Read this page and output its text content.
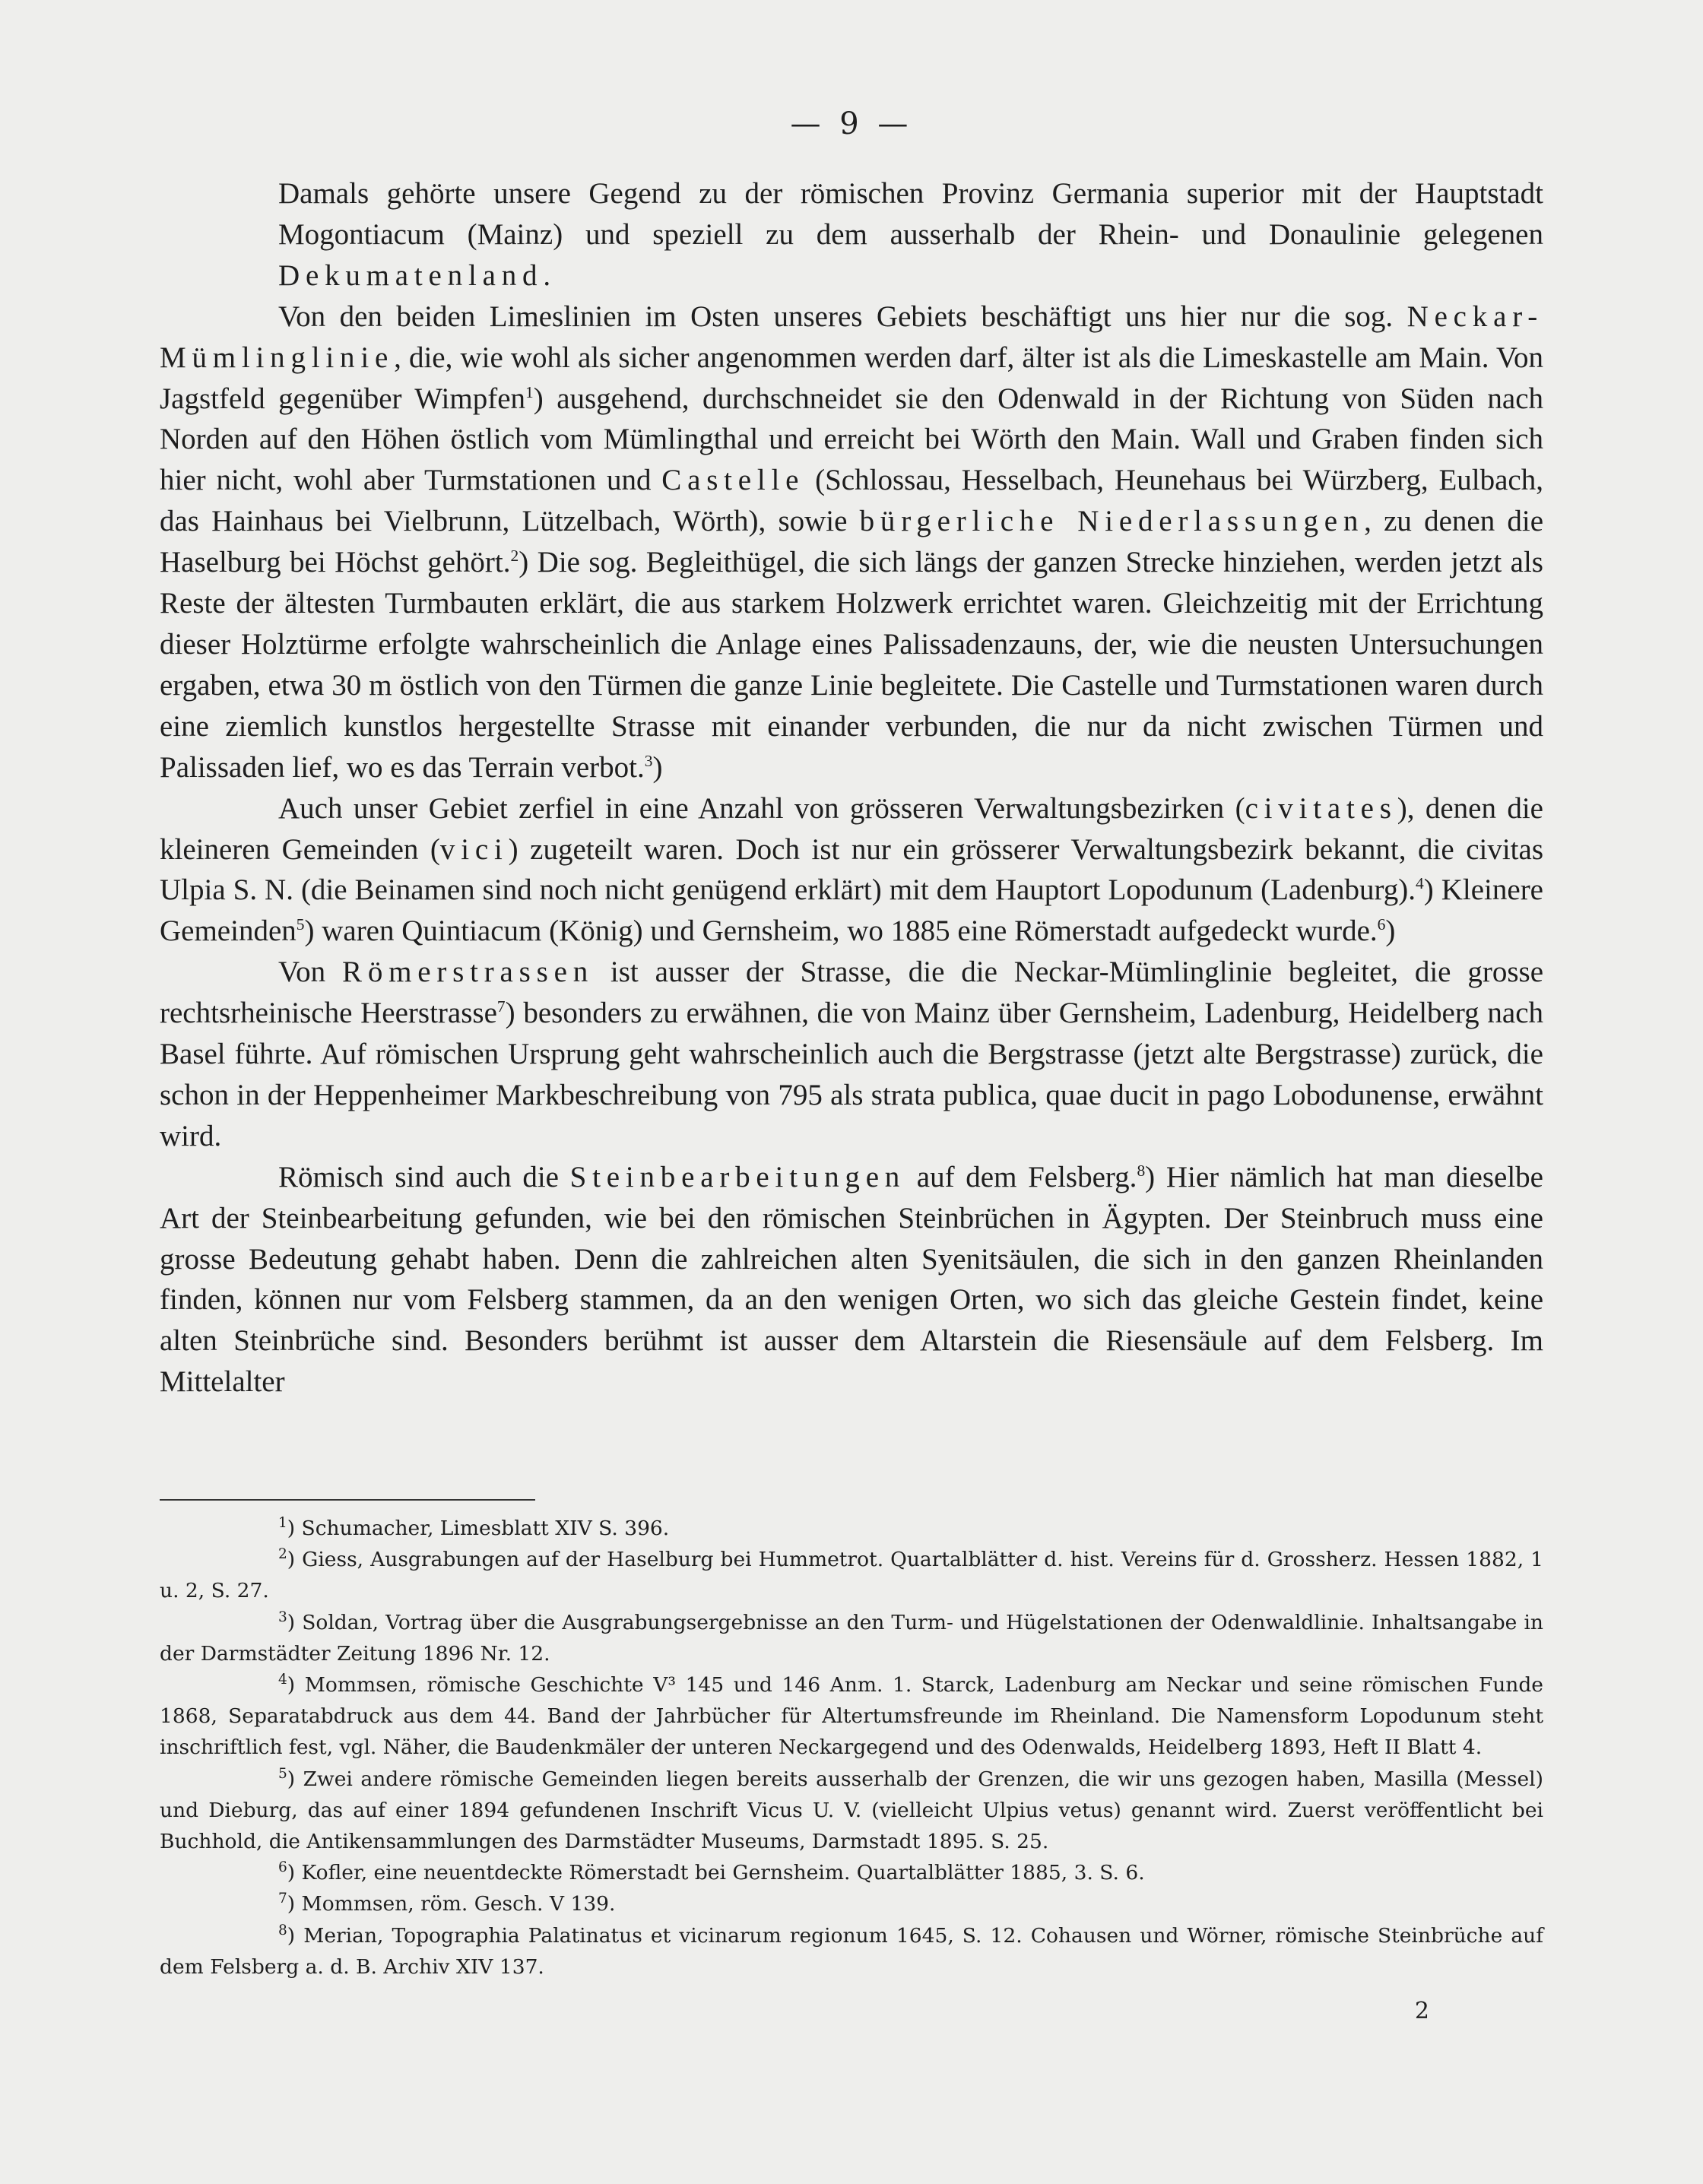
— 9 —

Damals gehörte unsere Gegend zu der römischen Provinz Germania superior mit der Hauptstadt Mogontiacum (Mainz) und speziell zu dem ausserhalb der Rhein- und Donaulinie gelegenen Dekumatenland.

Von den beiden Limeslinien im Osten unseres Gebiets beschäftigt uns hier nur die sog. Neckar-Mümlinglinie, die, wie wohl als sicher angenommen werden darf, älter ist als die Limeskastelle am Main. Von Jagstfeld gegenüber Wimpfen$^1$) ausgehend, durchschneidet sie den Odenwald in der Richtung von Süden nach Norden auf den Höhen östlich vom Mümlingthal und erreicht bei Wörth den Main. Wall und Graben finden sich hier nicht, wohl aber Turmstationen und Castelle (Schlossau, Hesselbach, Heunehaus bei Würzberg, Eulbach, das Hainhaus bei Vielbrunn, Lützelbach, Wörth), sowie bürgerliche Niederlassungen, zu denen die Haselburg bei Höchst gehört.$^2$) Die sog. Begleithügel, die sich längs der ganzen Strecke hinziehen, werden jetzt als Reste der ältesten Turmbauten erklärt, die aus starkem Holzwerk errichtet waren. Gleichzeitig mit der Errichtung dieser Holztürme erfolgte wahrscheinlich die Anlage eines Palissadenzauns, der, wie die neusten Untersuchungen ergaben, etwa 30 m östlich von den Türmen die ganze Linie begleitete. Die Castelle und Turmstationen waren durch eine ziemlich kunstlos hergestellte Strasse mit einander verbunden, die nur da nicht zwischen Türmen und Palissaden lief, wo es das Terrain verbot.$^3$)

Auch unser Gebiet zerfiel in eine Anzahl von grösseren Verwaltungsbezirken (civitates), denen die kleineren Gemeinden (vici) zugeteilt waren. Doch ist nur ein grösserer Verwaltungsbezirk bekannt, die civitas Ulpia S. N. (die Beinamen sind noch nicht genügend erklärt) mit dem Hauptort Lopodunum (Ladenburg).$^4$) Kleinere Gemeinden$^5$) waren Quintiacum (König) und Gernsheim, wo 1885 eine Römerstadt aufgedeckt wurde.$^6$)

Von Römerstrassen ist ausser der Strasse, die die Neckar-Mümlinglinie begleitet, die grosse rechtsrheinische Heerstrasse$^7$) besonders zu erwähnen, die von Mainz über Gernsheim, Ladenburg, Heidelberg nach Basel führte. Auf römischen Ursprung geht wahrscheinlich auch die Bergstrasse (jetzt alte Bergstrasse) zurück, die schon in der Heppenheimer Markbeschreibung von 795 als strata publica, quae ducit in pago Lobodunense, erwähnt wird.

Römisch sind auch die Steinbearbeitungen auf dem Felsberg.$^8$) Hier nämlich hat man dieselbe Art der Steinbearbeitung gefunden, wie bei den römischen Steinbrüchen in Ägypten. Der Steinbruch muss eine grosse Bedeutung gehabt haben. Denn die zahlreichen alten Syenitsäulen, die sich in den ganzen Rheinlanden finden, können nur vom Felsberg stammen, da an den wenigen Orten, wo sich das gleiche Gestein findet, keine alten Steinbrüche sind. Besonders berühmt ist ausser dem Altarstein die Riesensäule auf dem Felsberg. Im Mittelalter

$^1$) Schumacher, Limesblatt XIV S. 396.

$^2$) Giess, Ausgrabungen auf der Haselburg bei Hummetrot. Quartalblätter d. hist. Vereins für d. Grossherz. Hessen 1882, 1 u. 2, S. 27.

$^3$) Soldan, Vortrag über die Ausgrabungsergebnisse an den Turm- und Hügelstationen der Odenwaldlinie. Inhaltsangabe in der Darmstädter Zeitung 1896 Nr. 12.

$^4$) Mommsen, römische Geschichte V³ 145 und 146 Anm. 1. Starck, Ladenburg am Neckar und seine römischen Funde 1868, Separatabdruck aus dem 44. Band der Jahrbücher für Altertumsfreunde im Rheinland. Die Namensform Lopodunum steht inschriftlich fest, vgl. Näher, die Baudenkmäler der unteren Neckargegend und des Odenwalds, Heidelberg 1893, Heft II Blatt 4.

$^5$) Zwei andere römische Gemeinden liegen bereits ausserhalb der Grenzen, die wir uns gezogen haben, Masilla (Messel) und Dieburg, das auf einer 1894 gefundenen Inschrift Vicus U. V. (vielleicht Ulpius vetus) genannt wird. Zuerst veröffentlicht bei Buchhold, die Antikensammlungen des Darmstädter Museums, Darmstadt 1895. S. 25.

$^6$) Kofler, eine neuentdeckte Römerstadt bei Gernsheim. Quartalblätter 1885, 3. S. 6.

$^7$) Mommsen, röm. Gesch. V 139.

$^8$) Merian, Topographia Palatinatus et vicinarum regionum 1645, S. 12. Cohausen und Wörner, römische Steinbrüche auf dem Felsberg a. d. B. Archiv XIV 137.

2
